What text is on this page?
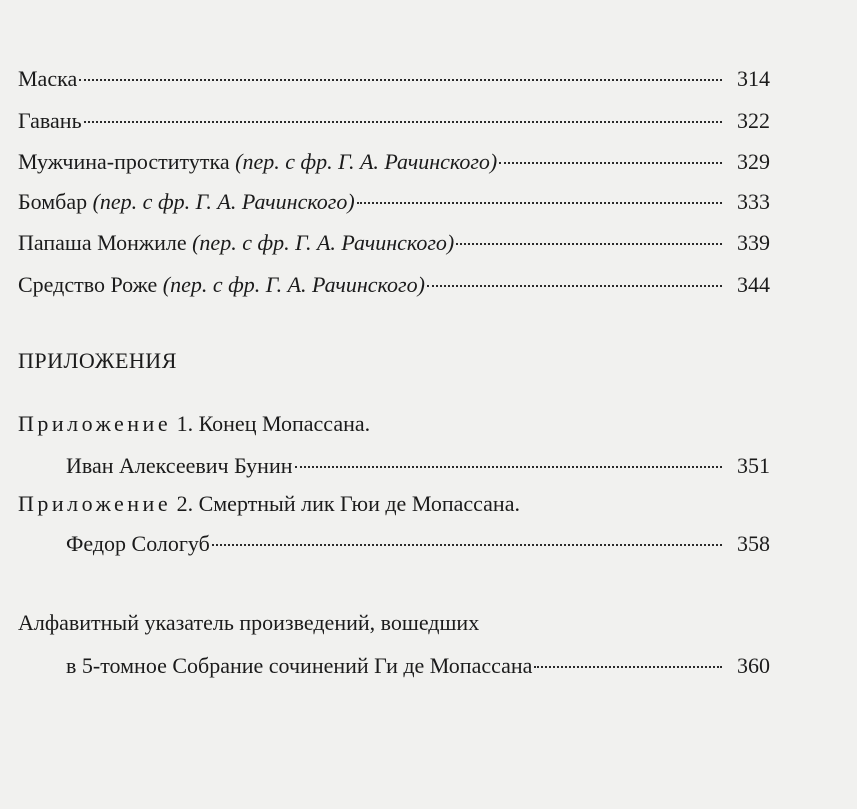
Маска	314
Гавань	322
Мужчина-проститутка (пер. с фр. Г. А. Рачинского)	329
Бомбар (пер. с фр. Г. А. Рачинского)	333
Папаша Монжиле (пер. с фр. Г. А. Рачинского)	339
Средство Роже (пер. с фр. Г. А. Рачинского)	344
ПРИЛОЖЕНИЯ
Приложение 1. Конец Мопассана.
Иван Алексеевич Бунин	351
Приложение 2. Смертный лик Гюи де Мопассана.
Федор Сологуб	358
Алфавитный указатель произведений, вошедших
в 5-томное Собрание сочинений Ги де Мопассана	360
